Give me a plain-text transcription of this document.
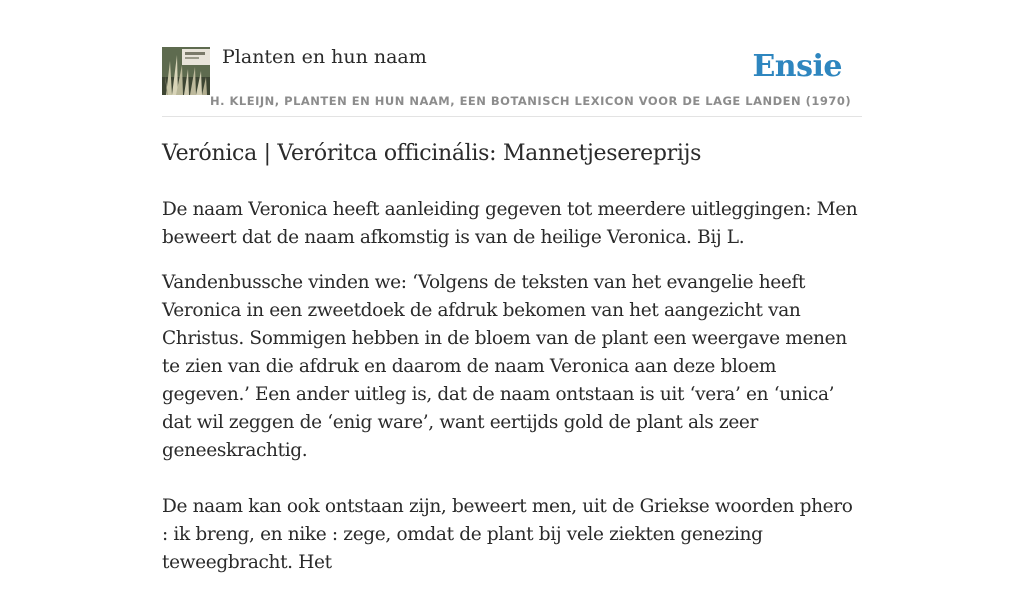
Planten en hun naam	Ensie
H. KLEIJN, PLANTEN EN HUN NAAM, EEN BOTANISCH LEXICON VOOR DE LAGE LANDEN (1970)
Verónica | Veróritca officinális: Mannetjesereprijs

De naam Veronica heeft aanleiding gegeven tot meerdere uitleggingen: Men beweert dat de naam afkomstig is van de heilige Veronica. Bij L.

Vandenbussche vinden we: ‘Volgens de teksten van het evangelie heeft Veronica in een zweetdoek de afdruk bekomen van het aangezicht van Christus. Sommigen hebben in de bloem van de plant een weergave menen te zien van die afdruk en daarom de naam Veronica aan deze bloem gegeven.’ Een ander uitleg is, dat de naam ontstaan is uit ‘vera’ en ‘unica’ dat wil zeggen de ‘enig ware’, want eertijds gold de plant als zeer geneeskrachtig.

De naam kan ook ontstaan zijn, beweert men, uit de Griekse woorden phero : ik breng, en nike : zege, omdat de plant bij vele ziekten genezing teweegbracht. Het
